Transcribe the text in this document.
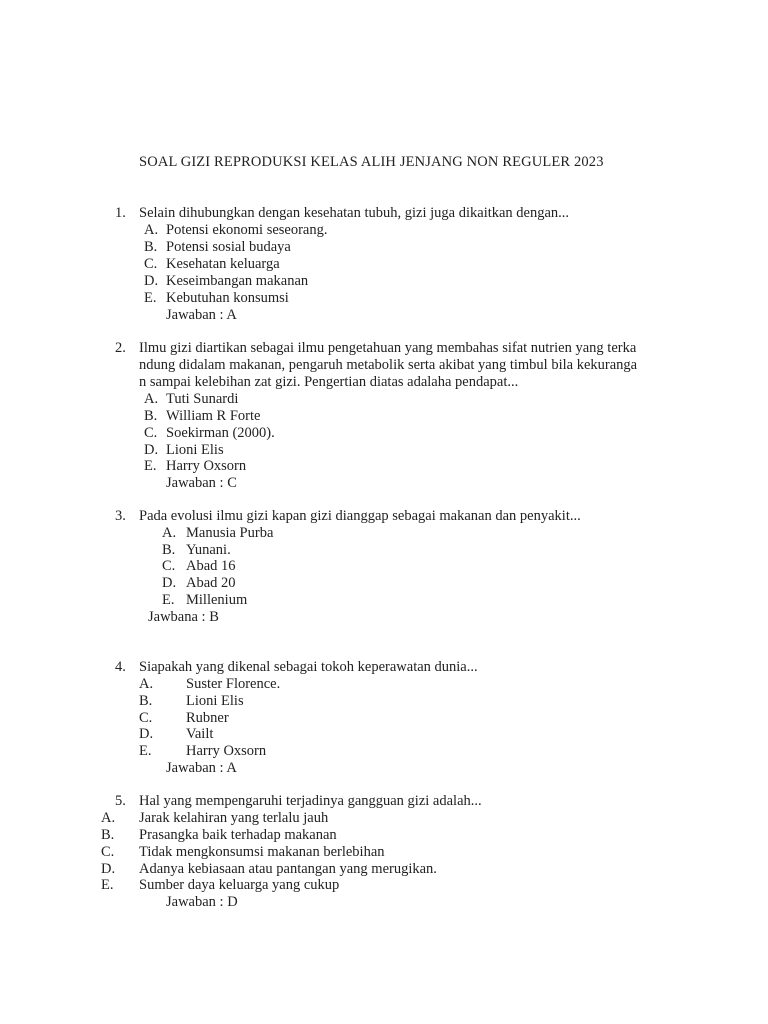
SOAL GIZI REPRODUKSI KELAS ALIH JENJANG NON REGULER 2023
1. Selain dihubungkan dengan kesehatan tubuh, gizi juga dikaitkan dengan...
A. Potensi ekonomi seseorang.
B. Potensi sosial budaya
C. Kesehatan keluarga
D. Keseimbangan makanan
E. Kebutuhan konsumsi
Jawaban : A
2. Ilmu gizi diartikan sebagai ilmu pengetahuan yang membahas sifat nutrien yang terka
ndung didalam makanan, pengaruh metabolik serta akibat yang timbul bila kekuranga
n sampai kelebihan zat gizi. Pengertian diatas adalaha pendapat...
A. Tuti Sunardi
B. William R Forte
C. Soekirman (2000).
D. Lioni Elis
E. Harry Oxsorn
Jawaban : C
3. Pada evolusi ilmu gizi kapan gizi dianggap sebagai makanan dan penyakit...
A. Manusia Purba
B. Yunani.
C. Abad 16
D. Abad 20
E. Millenium
Jawbana : B
4. Siapakah yang dikenal sebagai tokoh keperawatan dunia...
A. Suster Florence.
B. Lioni Elis
C. Rubner
D. Vailt
E. Harry Oxsorn
Jawaban : A
5. Hal yang mempengaruhi terjadinya gangguan gizi adalah...
A. Jarak kelahiran yang terlalu jauh
B. Prasangka baik terhadap makanan
C. Tidak mengkonsumsi makanan berlebihan
D. Adanya kebiasaan atau pantangan yang merugikan.
E. Sumber daya keluarga yang cukup
Jawaban : D
